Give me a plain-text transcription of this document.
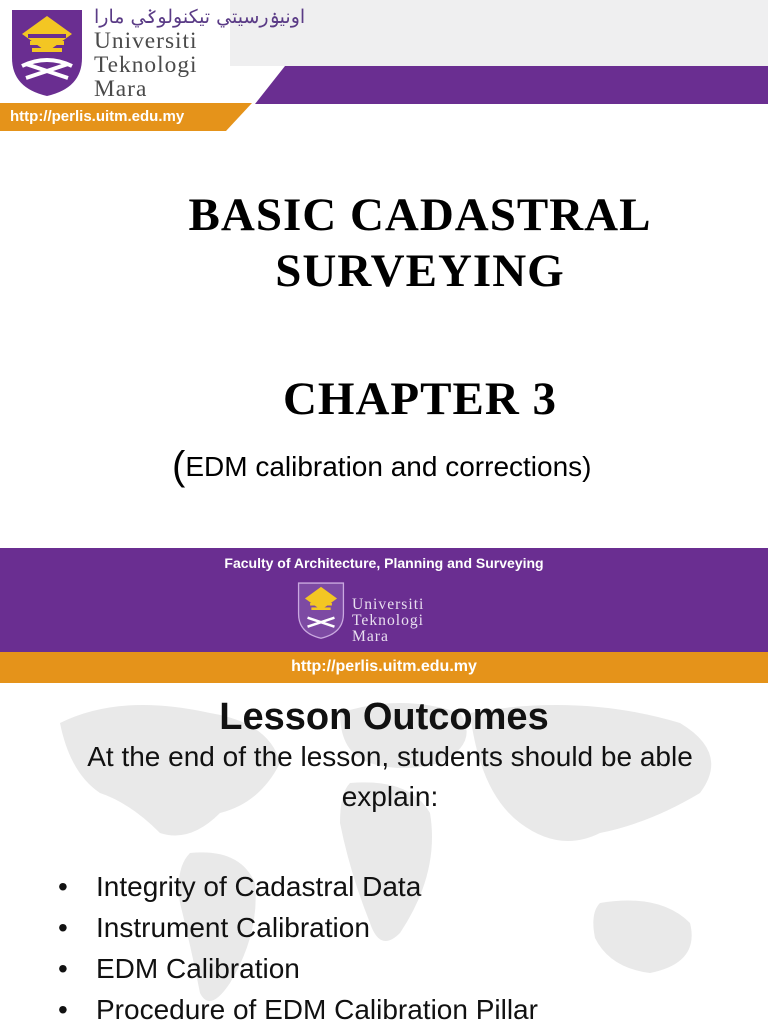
http://perlis.uitm.edu.my
اونيۏرسيتي تيكنولوݢي مارا
Universiti
Teknologi
Mara
BASIC CADASTRAL
SURVEYING
CHAPTER 3
(EDM calibration and corrections)
Faculty of Architecture, Planning and Surveying
Universiti
Teknologi
Mara
http://perlis.uitm.edu.my
Lesson Outcomes
At the end of the lesson, students should be able explain:
• Integrity of Cadastral Data
• Instrument Calibration
• EDM Calibration
• Procedure of EDM Calibration Pillar
